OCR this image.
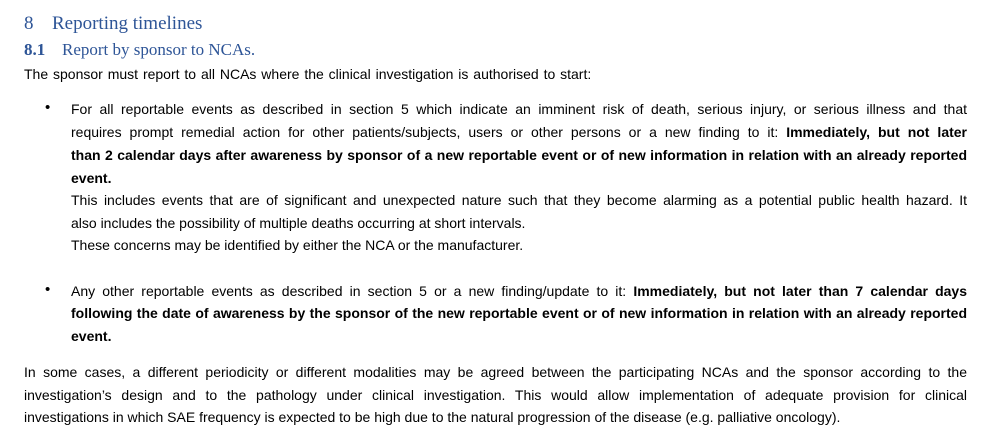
8 Reporting timelines
8.1 Report by sponsor to NCAs.
The sponsor must report to all NCAs where the clinical investigation is authorised to start:
• For all reportable events as described in section 5 which indicate an imminent risk of death, serious injury, or serious illness and that
requires prompt remedial action for other patients/subjects, users or other persons or a new finding to it: Immediately, but not later
than 2 calendar days after awareness by sponsor of a new reportable event or of new information in relation with an already reported
event.
This includes events that are of significant and unexpected nature such that they become alarming as a potential public health hazard. It
also includes the possibility of multiple deaths occurring at short intervals.
These concerns may be identified by either the NCA or the manufacturer.
• Any other reportable events as described in section 5 or a new finding/update to it: Immediately, but not later than 7 calendar days
following the date of awareness by the sponsor of the new reportable event or of new information in relation with an already reported
event.
In some cases, a different periodicity or different modalities may be agreed between the participating NCAs and the sponsor according to the
investigation’s design and to the pathology under clinical investigation. This would allow implementation of adequate provision for clinical
investigations in which SAE frequency is expected to be high due to the natural progression of the disease (e.g. palliative oncology).
